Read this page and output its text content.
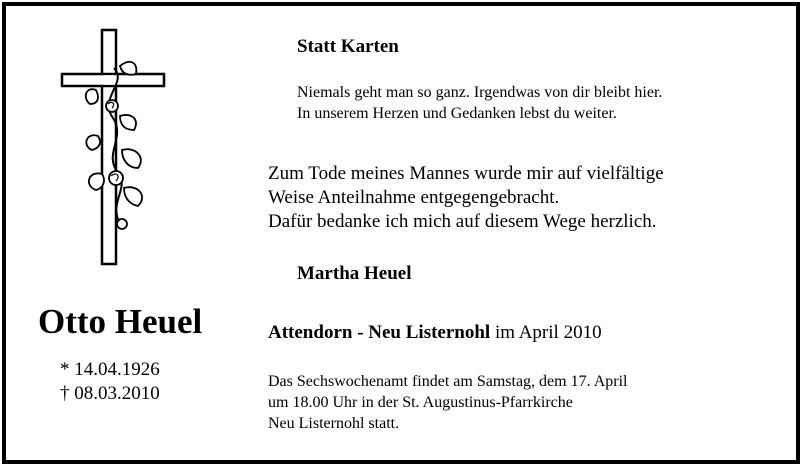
Otto Heuel
* 14.04.1926
† 08.03.2010
Statt Karten
Niemals geht man so ganz. Irgendwas von dir bleibt hier.
In unserem Herzen und Gedanken lebst du weiter.
Zum Tode meines Mannes wurde mir auf vielfältige
Weise Anteilnahme entgegengebracht.
Dafür bedanke ich mich auf diesem Wege herzlich.
Martha Heuel
Attendorn - Neu Listernohl im April 2010
Das Sechswochenamt findet am Samstag, dem 17. April
um 18.00 Uhr in der St. Augustinus-Pfarrkirche
Neu Listernohl statt.
